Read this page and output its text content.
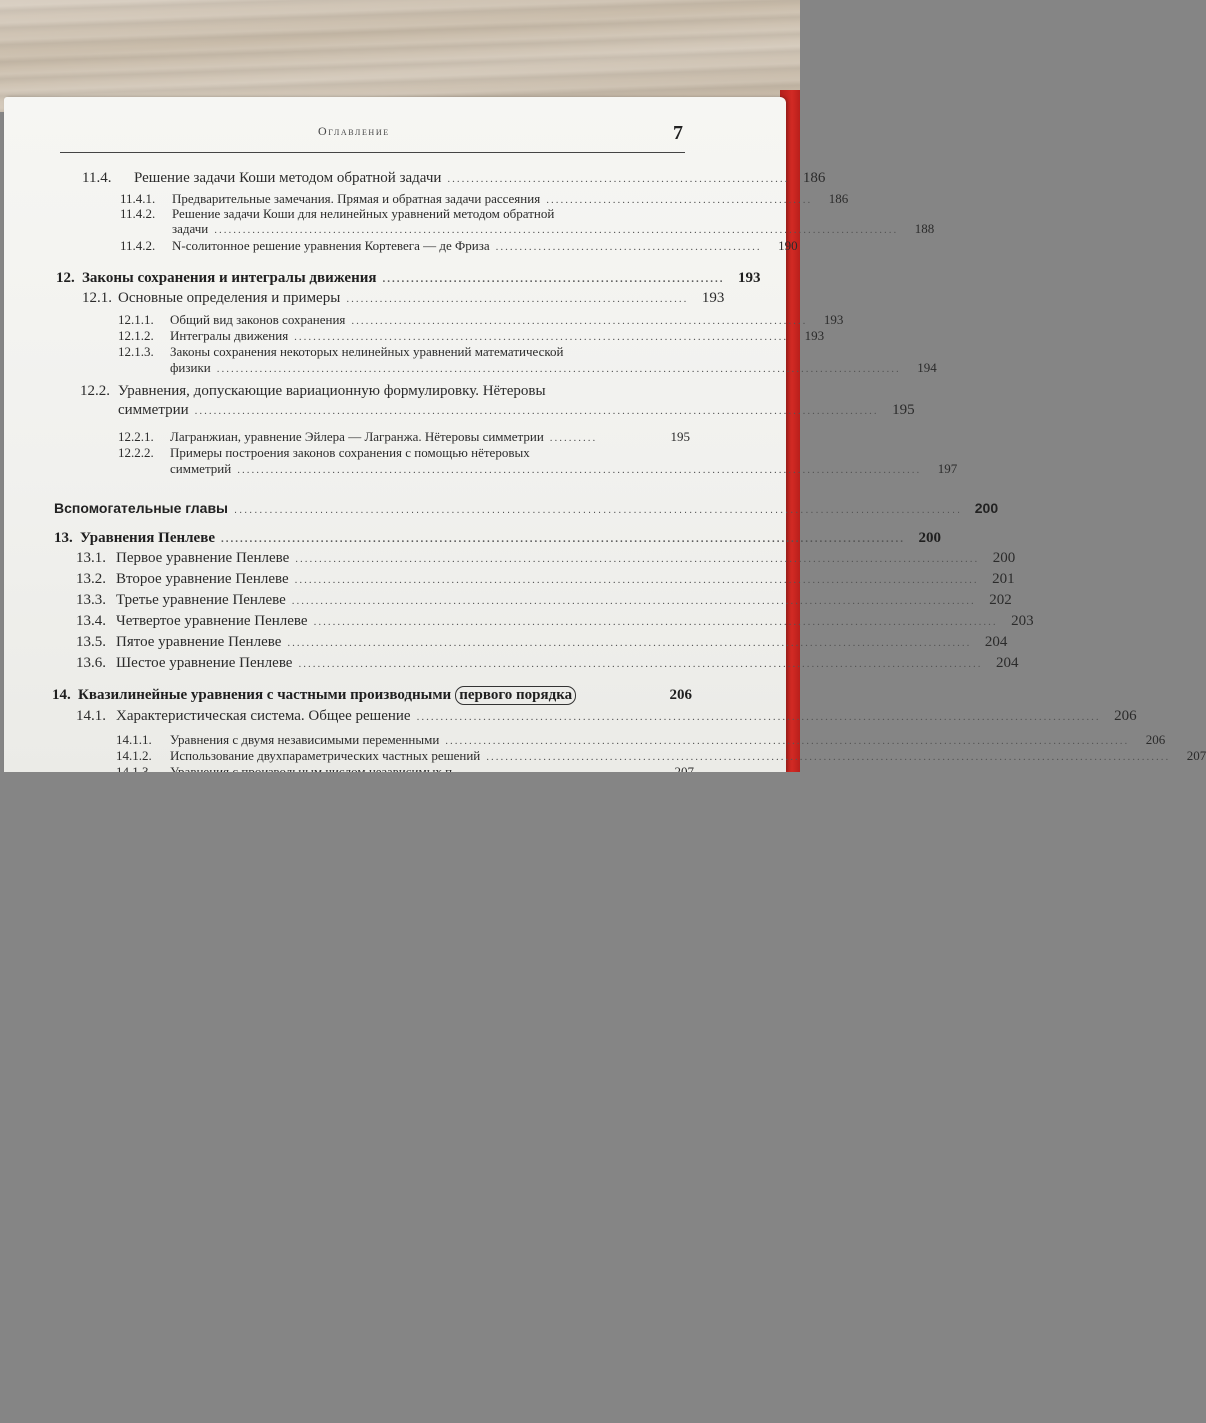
Оглавление	7
11.4.	Решение задачи Коши методом обратной задачи ........................................................................ 186
11.4.1.	Предварительные замечания. Прямая и обратная задачи рассеяния ........................................................	186
11.4.2.	Решение задачи Коши для нелинейных уравнений методом обратной
задачи ................................................................................................................................................	188
11.4.2.	N-солитонное решение уравнения Кортевега — де Фриза ........................................................	190
12. Законы сохранения и интегралы движения ........................................................................ 193
12.1. Основные определения и примеры ........................................................................ 193
12.1.1.	Общий вид законов сохранения ................................................................................................	193
12.1.2.	Интегралы движения ........................................................................................................	193
12.1.3.	Законы сохранения некоторых нелинейных уравнений математической
физики ................................................................................................................................................	194
12.2. Уравнения, допускающие вариационную формулировку. Нётеровы
симметрии ................................................................................................................................................ 195
12.2.1.	Лагранжиан, уравнение Эйлера — Лагранжа. Нётеровы симметрии ..........	195
12.2.2.	Примеры построения законов сохранения с помощью нётеровых
симметрий ................................................................................................................................................	197
Вспомогательные главы ................................................................................................................................................ 200
13. Уравнения Пенлеве ................................................................................................................................................ 200
13.1. Первое уравнение Пенлеве ................................................................................................................................................ 200
13.2. Второе уравнение Пенлеве ................................................................................................................................................ 201
13.3. Третье уравнение Пенлеве ................................................................................................................................................ 202
13.4. Четвертое уравнение Пенлеве ................................................................................................................................................ 203
13.5. Пятое уравнение Пенлеве ................................................................................................................................................ 204
13.6. Шестое уравнение Пенлеве ................................................................................................................................................ 204
14. Квазилинейные уравнения с частными производными первого порядка	206
14.1. Характеристическая система. Общее решение ................................................................................................................................................ 206
14.1.1.	Уравнения с двумя независимыми переменными ................................................................................................................................................	206
14.1.2.	Использование двухпараметрических частных решений ................................................................................................................................................	207
